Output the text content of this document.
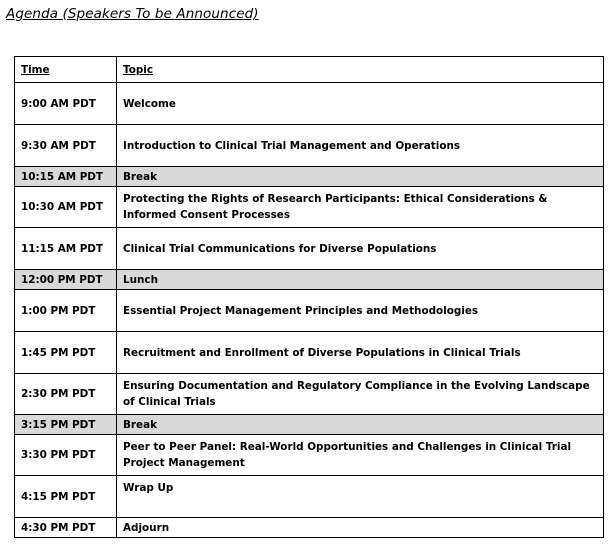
Agenda (Speakers To be Announced)
Time	Topic
9:00 AM PDT	Welcome
9:30 AM PDT	Introduction to Clinical Trial Management and Operations
10:15 AM PDT	Break
10:30 AM PDT	Protecting the Rights of Research Participants: Ethical Considerations & Informed Consent Processes
11:15 AM PDT	Clinical Trial Communications for Diverse Populations
12:00 PM PDT	Lunch
1:00 PM PDT	Essential Project Management Principles and Methodologies
1:45 PM PDT	Recruitment and Enrollment of Diverse Populations in Clinical Trials
2:30 PM PDT	Ensuring Documentation and Regulatory Compliance in the Evolving Landscape of Clinical Trials
3:15 PM PDT	Break
3:30 PM PDT	Peer to Peer Panel: Real-World Opportunities and Challenges in Clinical Trial Project Management
4:15 PM PDT	Wrap Up
4:30 PM PDT	Adjourn
